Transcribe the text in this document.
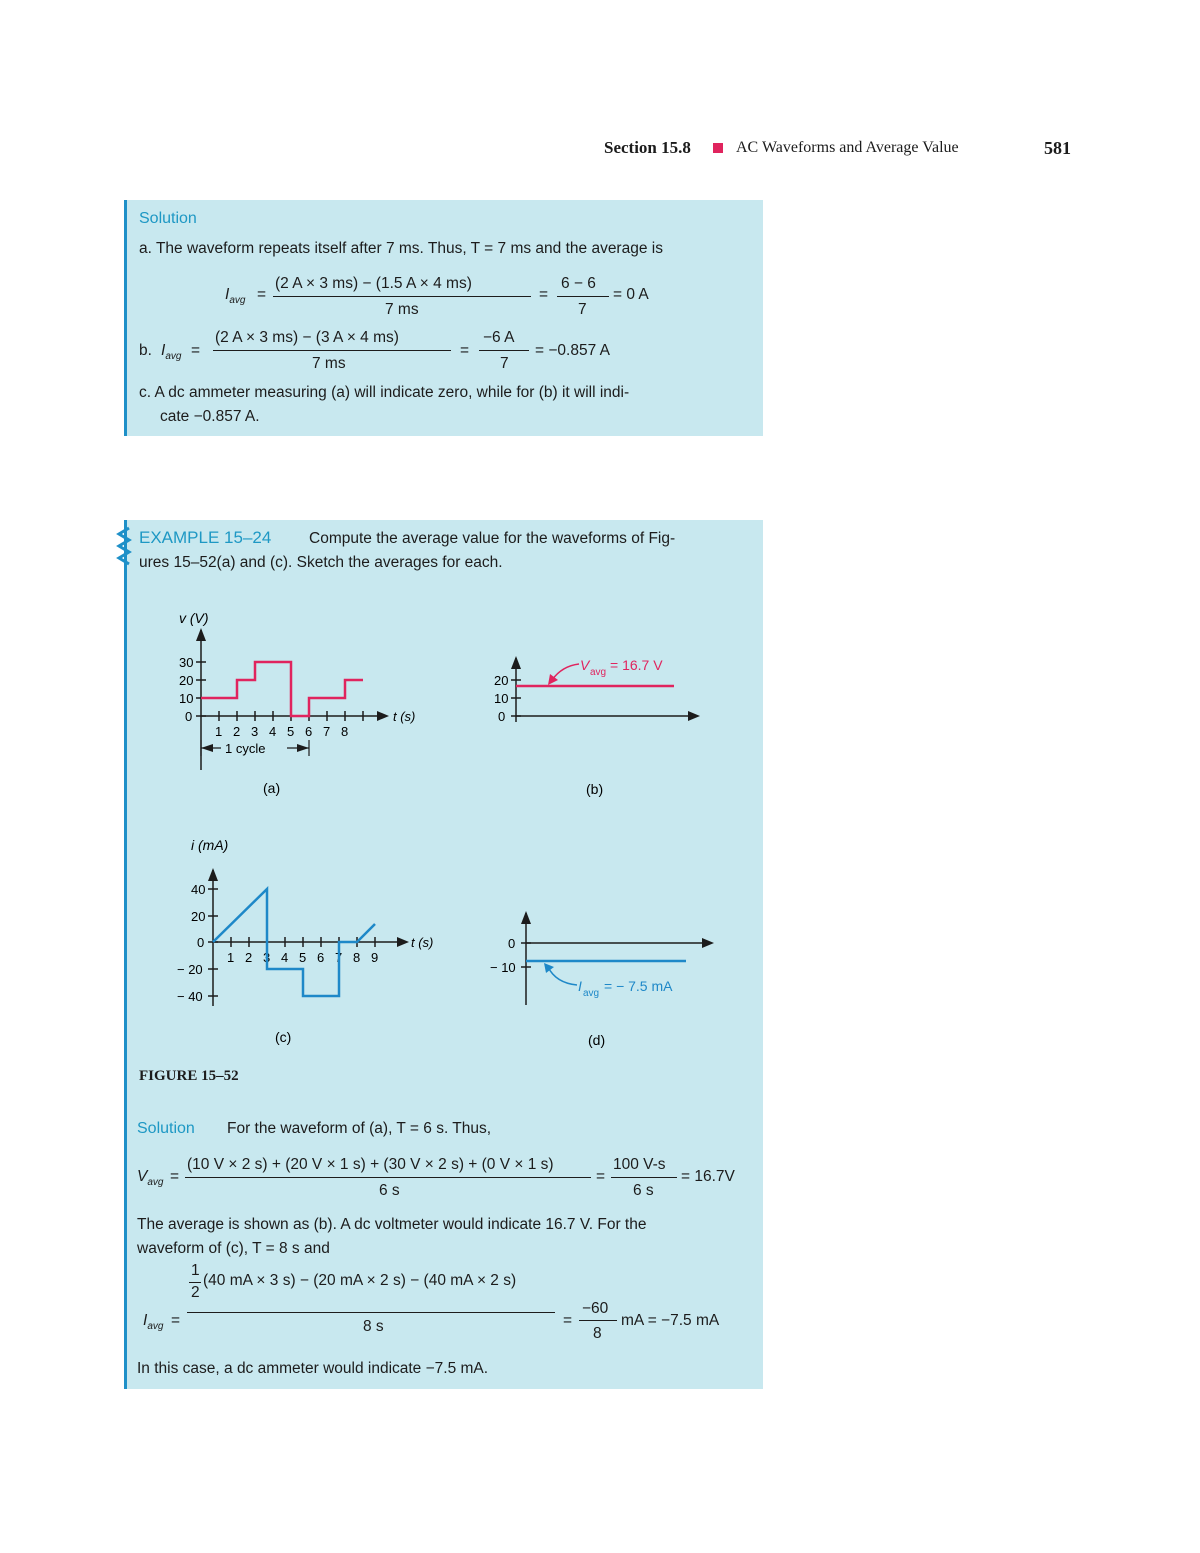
Section 15.8	AC Waveforms and Average Value	581
Solution
a. The waveform repeats itself after 7 ms. Thus, T = 7 ms and the average is
$I_{avg}$ =
(2 A × 3 ms) − (1.5 A × 4 ms)
7 ms
=
6 − 6
7
= 0 A
b. $I_{avg}$ =
(2 A × 3 ms) − (3 A × 4 ms)
7 ms
=
−6 A
7
= −0.857 A
c. A dc ammeter measuring (a) will indicate zero, while for (b) it will indi-
cate −0.857 A.
EXAMPLE 15–24 Compute the average value for the waveforms of Fig-
ures 15–52(a) and (c). Sketch the averages for each.
v (V)
t (s)
30
20
10
0
1 2 3 4 5 6 7 8
1 cycle
(a)
20
10
0
V avg = 16.7 V
(b)
i (mA)
t (s)
40
20
0
− 20
− 40
1 2 3 4 5 6 7 8 9
(c)
0
− 10
I avg = − 7.5 mA
(d)
FIGURE 15–52
Solution For the waveform of (a), T = 6 s. Thus,
$V_{avg}$ =
(10 V × 2 s) + (20 V × 1 s) + (30 V × 2 s) + (0 V × 1 s)
6 s
=
100 V-s
6 s
= 16.7V
The average is shown as (b). A dc voltmeter would indicate 16.7 V. For the
waveform of (c), T = 8 s and
$I_{avg}$ =
1
2
(40 mA × 3 s) − (20 mA × 2 s) − (40 mA × 2 s)
8 s	=
−60
8
mA = −7.5 mA
In this case, a dc ammeter would indicate −7.5 mA.
